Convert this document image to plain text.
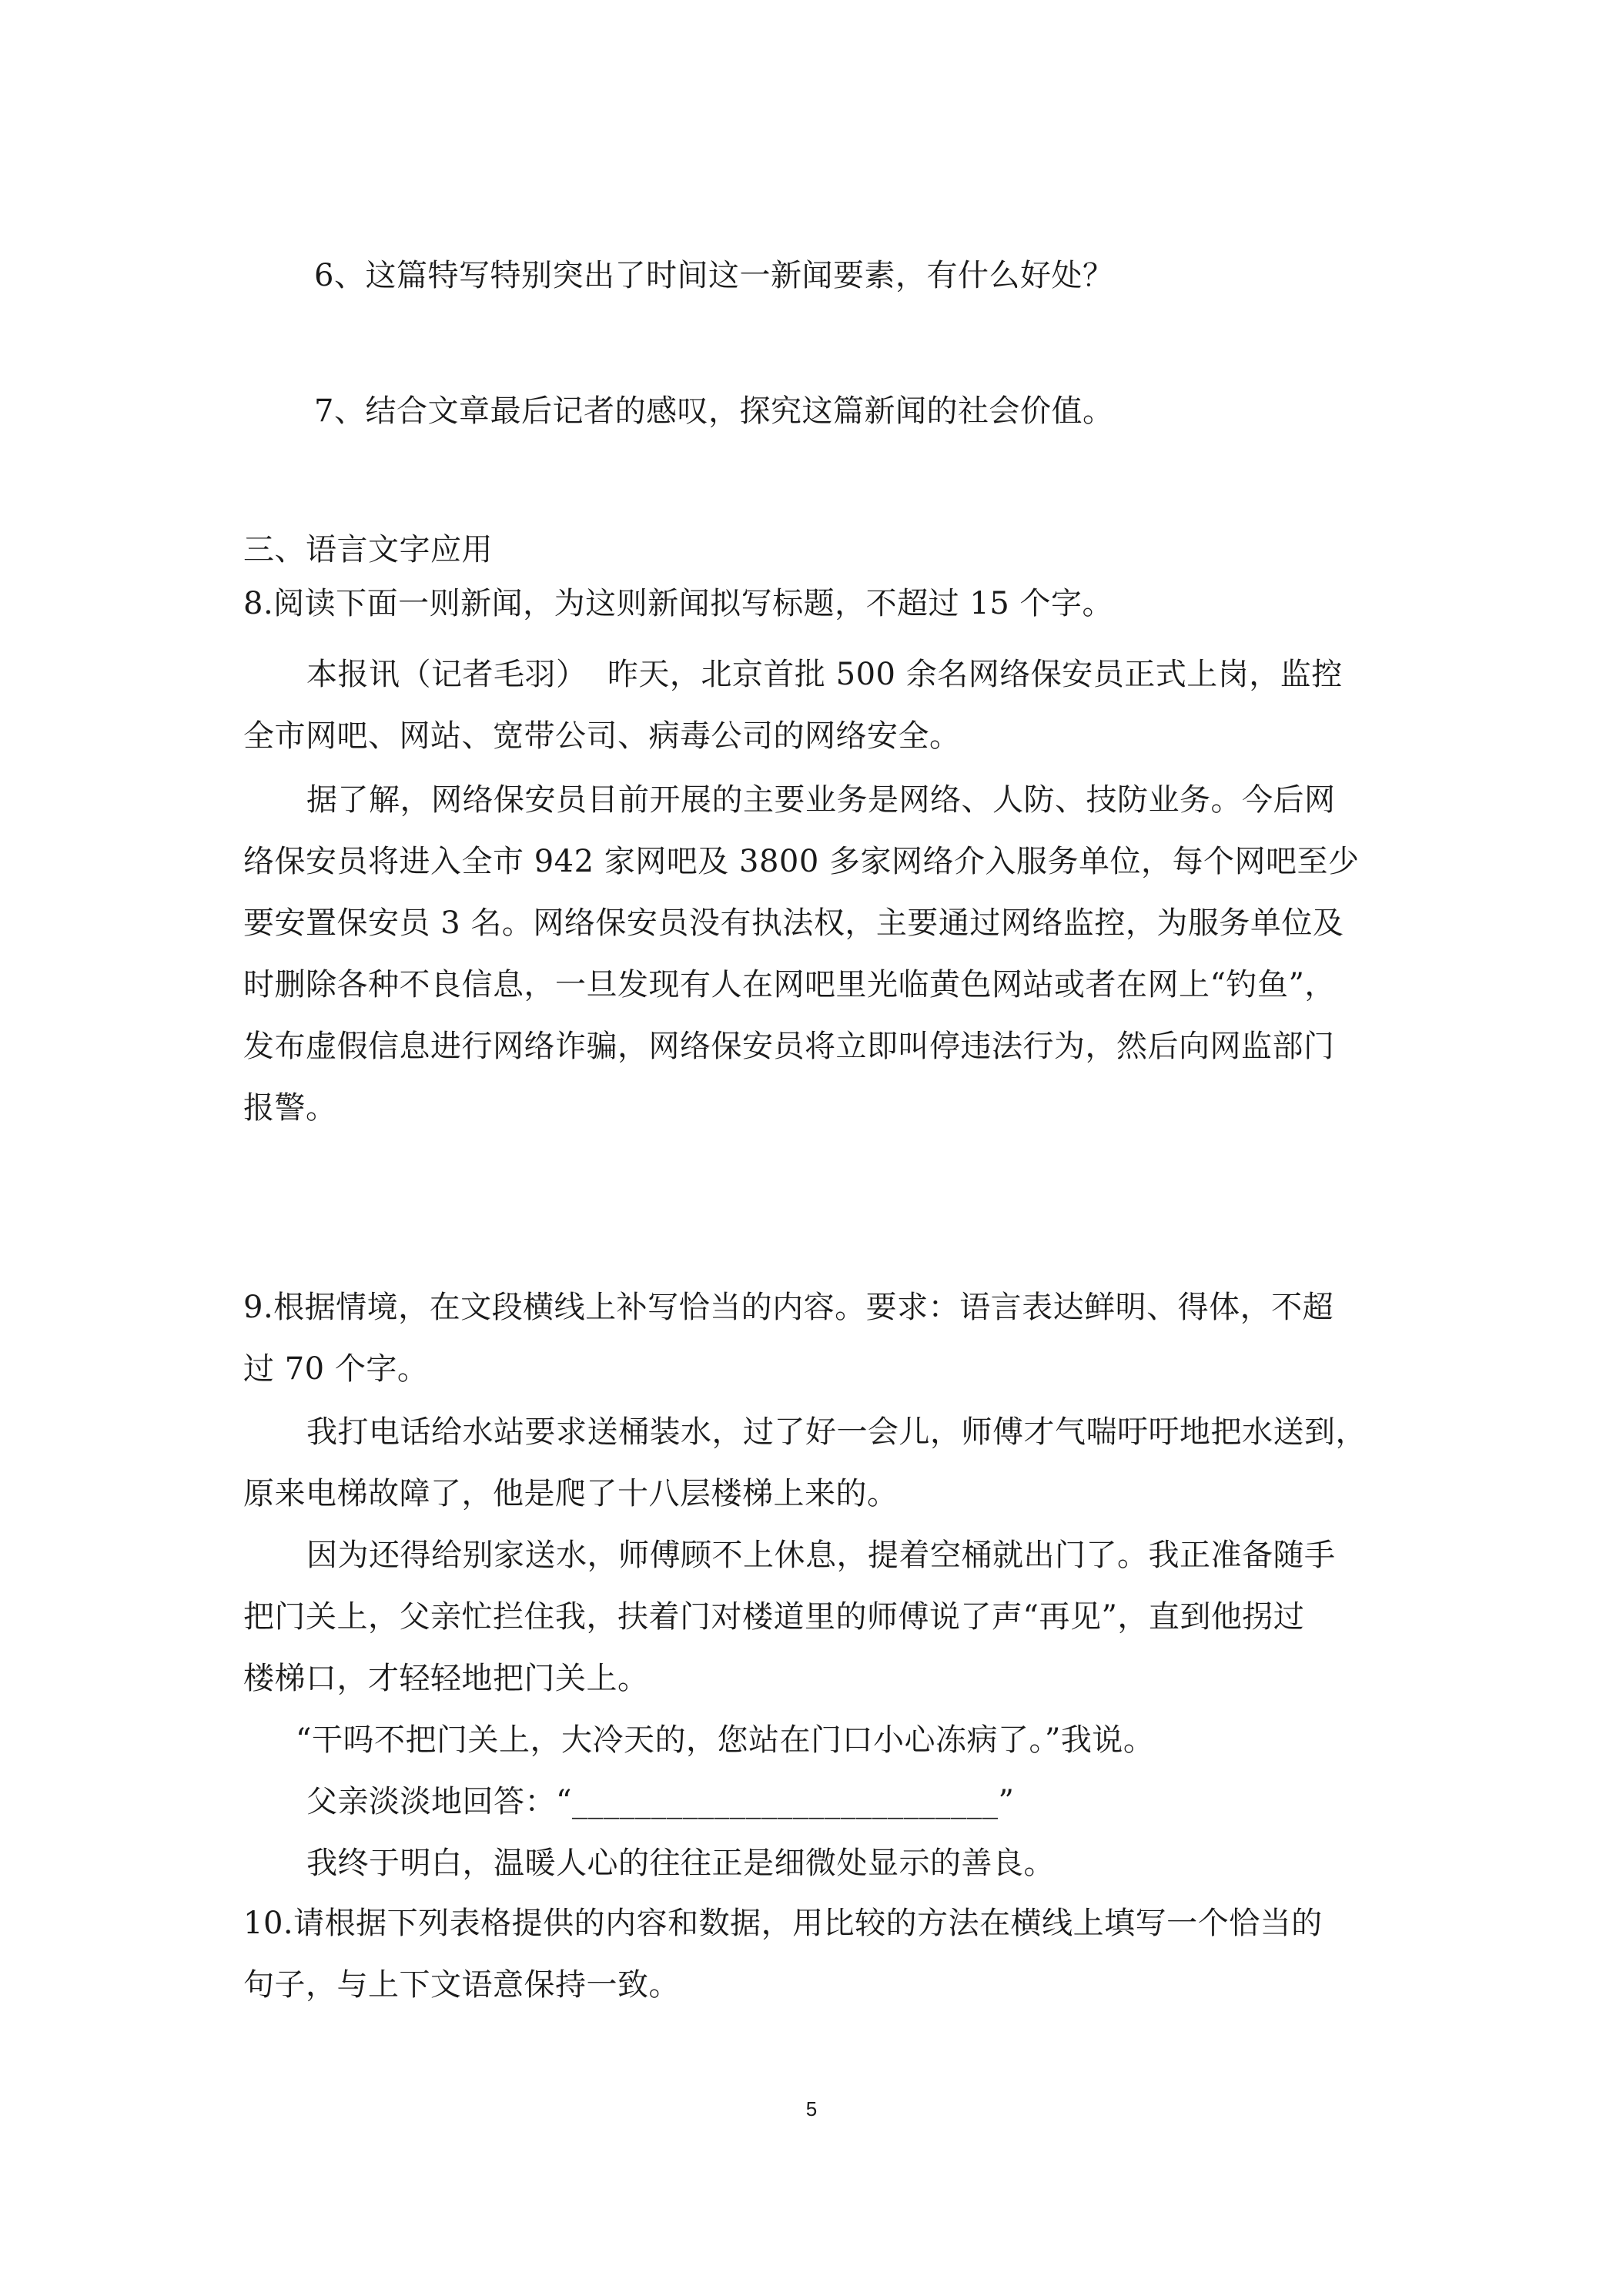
6、这篇特写特别突出了时间这一新闻要素，有什么好处？
7、结合文章最后记者的感叹，探究这篇新闻的社会价值。
三、语言文字应用
8.阅读下面一则新闻，为这则新闻拟写标题，不超过 15 个字。
本报讯（记者毛羽）  昨天，北京首批 500 余名网络保安员正式上岗，监控
全市网吧、网站、宽带公司、病毒公司的网络安全。
据了解，网络保安员目前开展的主要业务是网络、人防、技防业务。今后网
络保安员将进入全市 942 家网吧及 3800 多家网络介入服务单位，每个网吧至少
要安置保安员 3 名。网络保安员没有执法权，主要通过网络监控，为服务单位及
时删除各种不良信息，一旦发现有人在网吧里光临黄色网站或者在网上“钓鱼”，
发布虚假信息进行网络诈骗，网络保安员将立即叫停违法行为，然后向网监部门
报警。
9.根据情境，在文段横线上补写恰当的内容。要求：语言表达鲜明、得体，不超
过 70 个字。
我打电话给水站要求送桶装水，过了好一会儿，师傅才气喘吁吁地把水送到，
原来电梯故障了，他是爬了十八层楼梯上来的。
因为还得给别家送水，师傅顾不上休息，提着空桶就出门了。我正准备随手
把门关上，父亲忙拦住我，扶着门对楼道里的师傅说了声“再见”，直到他拐过
楼梯口，才轻轻地把门关上。
“干吗不把门关上，大冷天的，您站在门口小心冻病了。”我说。
父亲淡淡地回答：“___________________________”
我终于明白，温暖人心的往往正是细微处显示的善良。
10.请根据下列表格提供的内容和数据，用比较的方法在横线上填写一个恰当的
句子，与上下文语意保持一致。
5
